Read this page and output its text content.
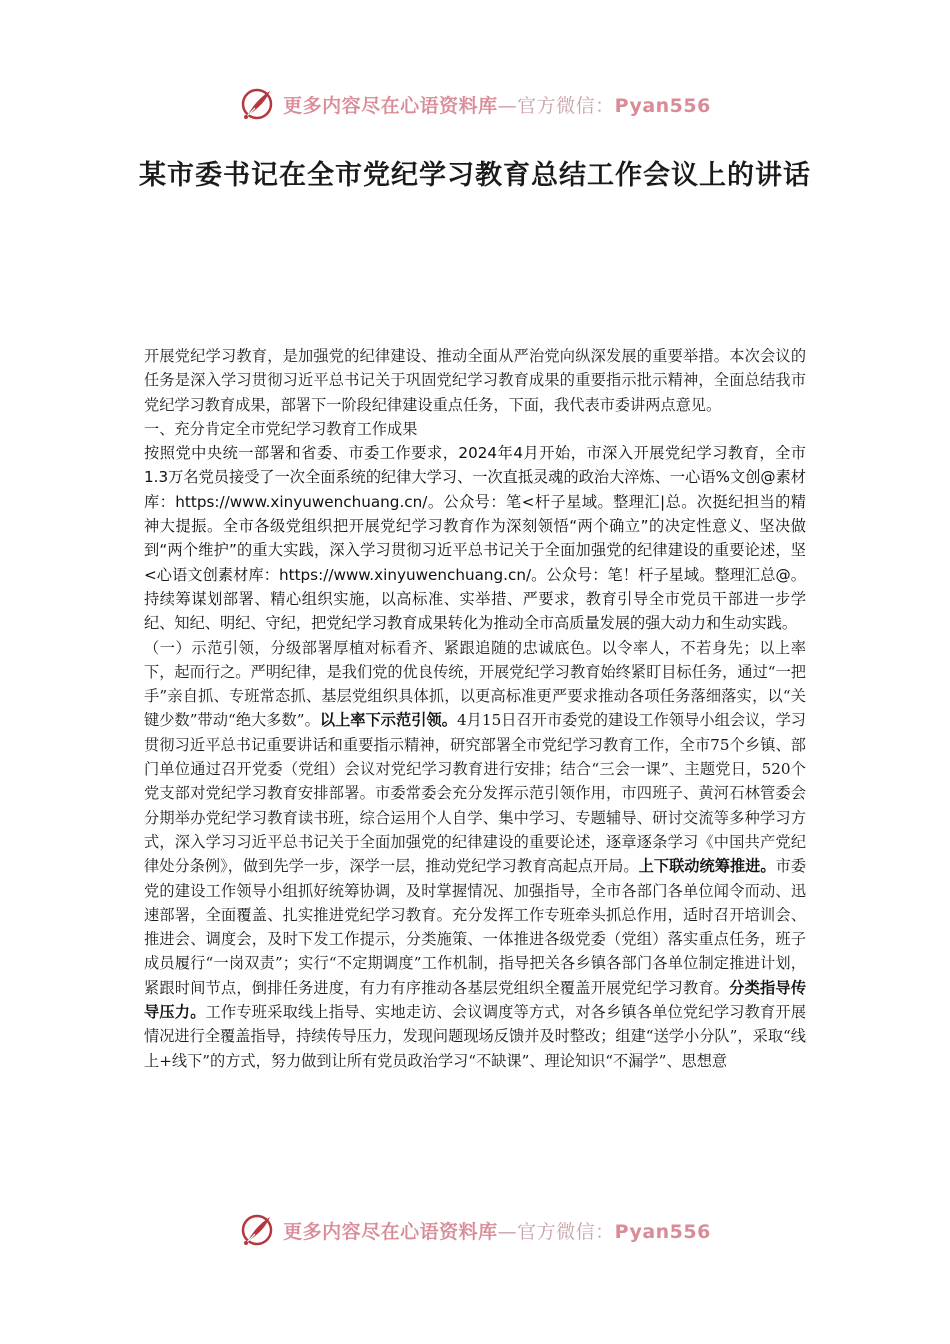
更多内容尽在心语资料库—官方微信：Pyan556
某市委书记在全市党纪学习教育总结工作会议上的讲话

开展党纪学习教育，是加强党的纪律建设、推动全面从严治党向纵深发展的重要举措。本次会议的任务是深入学习贯彻习近平总书记关于巩固党纪学习教育成果的重要指示批示精神，全面总结我市党纪学习教育成果，部署下一阶段纪律建设重点任务，下面，我代表市委讲两点意见。

一、充分肯定全市党纪学习教育工作成果

按照党中央统一部署和省委、市委工作要求，2024年4月开始，市深入开展党纪学习教育，全市1.3万名党员接受了一次全面系统的纪律大学习、一次直抵灵魂的政治大淬炼、一心语%文创@素材库：https://www.xinyuwenchuang.cn/。公众号：笔<杆子星域。整理汇|总。次挺纪担当的精神大提振。全市各级党组织把开展党纪学习教育作为深刻领悟“两个确立”的决定性意义、坚决做到“两个维护”的重大实践，深入学习贯彻习近平总书记关于全面加强党的纪律建设的重要论述，坚<心语文创素材库：https://www.xinyuwenchuang.cn/。公众号：笔！杆子星域。整理汇总@。持续筹谋划部署、精心组织实施，以高标准、实举措、严要求，教育引导全市党员干部进一步学纪、知纪、明纪、守纪，把党纪学习教育成果转化为推动全市高质量发展的强大动力和生动实践。

（一）示范引领，分级部署厚植对标看齐、紧跟追随的忠诚底色。以令率人，不若身先；以上率下，起而行之。严明纪律，是我们党的优良传统，开展党纪学习教育始终紧盯目标任务，通过“一把手”亲自抓、专班常态抓、基层党组织具体抓，以更高标准更严要求推动各项任务落细落实，以“关键少数”带动“绝大多数”。以上率下示范引领。4月15日召开市委党的建设工作领导小组会议，学习贯彻习近平总书记重要讲话和重要指示精神，研究部署全市党纪学习教育工作，全市75个乡镇、部门单位通过召开党委（党组）会议对党纪学习教育进行安排；结合“三会一课”、主题党日，520个党支部对党纪学习教育安排部署。市委常委会充分发挥示范引领作用，市四班子、黄河石林管委会分期举办党纪学习教育读书班，综合运用个人自学、集中学习、专题辅导、研讨交流等多种学习方式，深入学习习近平总书记关于全面加强党的纪律建设的重要论述，逐章逐条学习《中国共产党纪律处分条例》，做到先学一步，深学一层，推动党纪学习教育高起点开局。上下联动统筹推进。市委党的建设工作领导小组抓好统筹协调，及时掌握情况、加强指导，全市各部门各单位闻令而动、迅速部署，全面覆盖、扎实推进党纪学习教育。充分发挥工作专班牵头抓总作用，适时召开培训会、推进会、调度会，及时下发工作提示，分类施策、一体推进各级党委（党组）落实重点任务，班子成员履行“一岗双责”；实行“不定期调度”工作机制，指导把关各乡镇各部门各单位制定推进计划，紧跟时间节点，倒排任务进度，有力有序推动各基层党组织全覆盖开展党纪学习教育。分类指导传导压力。工作专班采取线上指导、实地走访、会议调度等方式，对各乡镇各单位党纪学习教育开展情况进行全覆盖指导，持续传导压力，发现问题现场反馈并及时整改；组建“送学小分队”，采取“线上+线下”的方式，努力做到让所有党员政治学习“不缺课”、理论知识“不漏学”、思想意

更多内容尽在心语资料库—官方微信：Pyan556
